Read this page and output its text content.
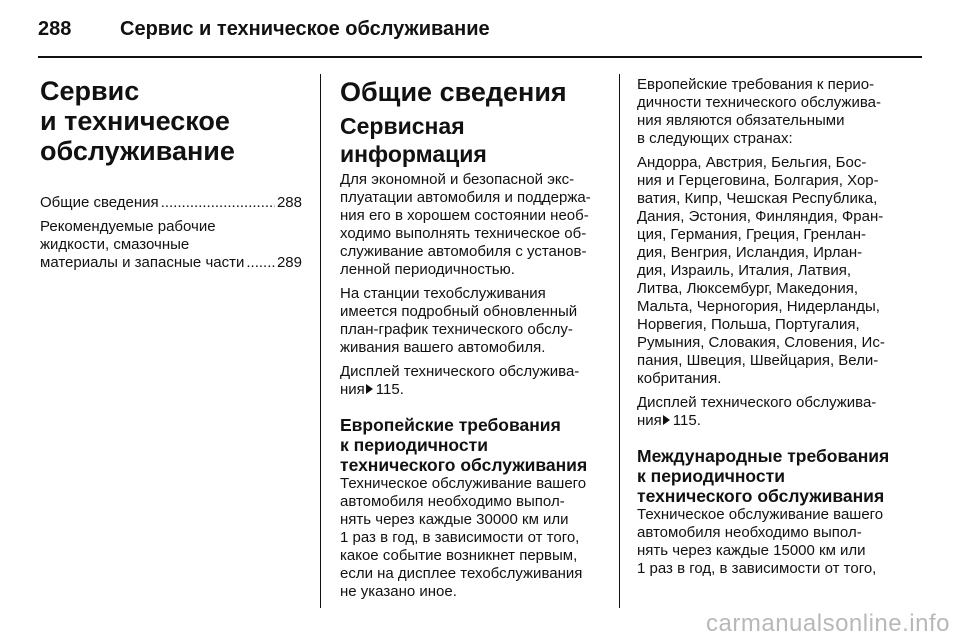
288 Сервис и техническое обслуживание
Сервис
и техническое
обслуживание
Общие сведения .....	288
Рекомендуемые рабочие
жидкости, смазочные
материалы и запасные части ..... 289
Общие сведения
Сервисная информация
Для экономной и безопасной экс‑
плуатации автомобиля и поддержа‑
ния его в хорошем состоянии необ‑
ходимо выполнять техническое об‑
служивание автомобиля с установ‑
ленной периодичностью.
На станции техобслуживания
имеется подробный обновленный
план‑график технического обслу‑
живания вашего автомобиля.
Дисплей технического обслужива‑
ния 115.
Европейские требования
к периодичности
технического обслуживания
Техническое обслуживание вашего
автомобиля необходимо выпол‑
нять через каждые 30000 км или
1 раз в год, в зависимости от того,
какое событие возникнет первым,
если на дисплее техобслуживания
не указано иное.
Европейские требования к перио‑
дичности технического обслужива‑
ния являются обязательными
в следующих странах:
Андорра, Австрия, Бельгия, Бос‑
ния и Герцеговина, Болгария, Хор‑
ватия, Кипр, Чешская Республика,
Дания, Эстония, Финляндия, Фран‑
ция, Германия, Греция, Гренлан‑
дия, Венгрия, Исландия, Ирлан‑
дия, Израиль, Италия, Латвия,
Литва, Люксембург, Македония,
Мальта, Черногория, Нидерланды,
Норвегия, Польша, Португалия,
Румыния, Словакия, Словения, Ис‑
пания, Швеция, Швейцария, Вели‑
кобритания.
Дисплей технического обслужива‑
ния 115.
Международные требования
к периодичности
технического обслуживания
Техническое обслуживание вашего
автомобиля необходимо выпол‑
нять через каждые 15000 км или
1 раз в год, в зависимости от того,
carmanualsonline.info
